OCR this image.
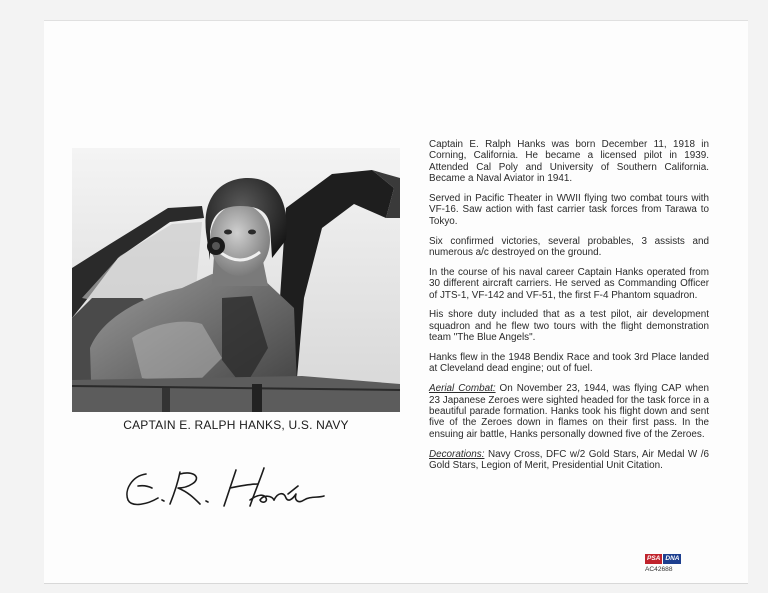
CAPTAIN E. RALPH HANKS, U.S. NAVY

Captain E. Ralph Hanks was born December 11, 1918 in Corning, California. He became a licensed pilot in 1939. Attended Cal Poly and University of Southern California. Became a Naval Aviator in 1941.

Served in Pacific Theater in WWII flying two combat tours with VF-16. Saw action with fast carrier task forces from Tarawa to Tokyo.

Six confirmed victories, several probables, 3 assists and numerous a/c destroyed on the ground.

In the course of his naval career Captain Hanks operated from 30 different aircraft carriers. He served as Commanding Officer of JTS-1, VF-142 and VF-51, the first F-4 Phantom squadron.

His shore duty included that as a test pilot, air development squadron and he flew two tours with the flight demonstration team "The Blue Angels".

Hanks flew in the 1948 Bendix Race and took 3rd Place landed at Cleveland dead engine; out of fuel.

Aerial Combat: On November 23, 1944, was flying CAP when 23 Japanese Zeroes were sighted headed for the task force in a beautiful parade formation. Hanks took his flight down and sent five of the Zeroes down in flames on their first pass. In the ensuing air battle, Hanks personally downed five of the Zeroes.

Decorations: Navy Cross, DFC w/2 Gold Stars, Air Medal W /6 Gold Stars, Legion of Merit, Presidential Unit Citation.

PSA DNA
AC42688
